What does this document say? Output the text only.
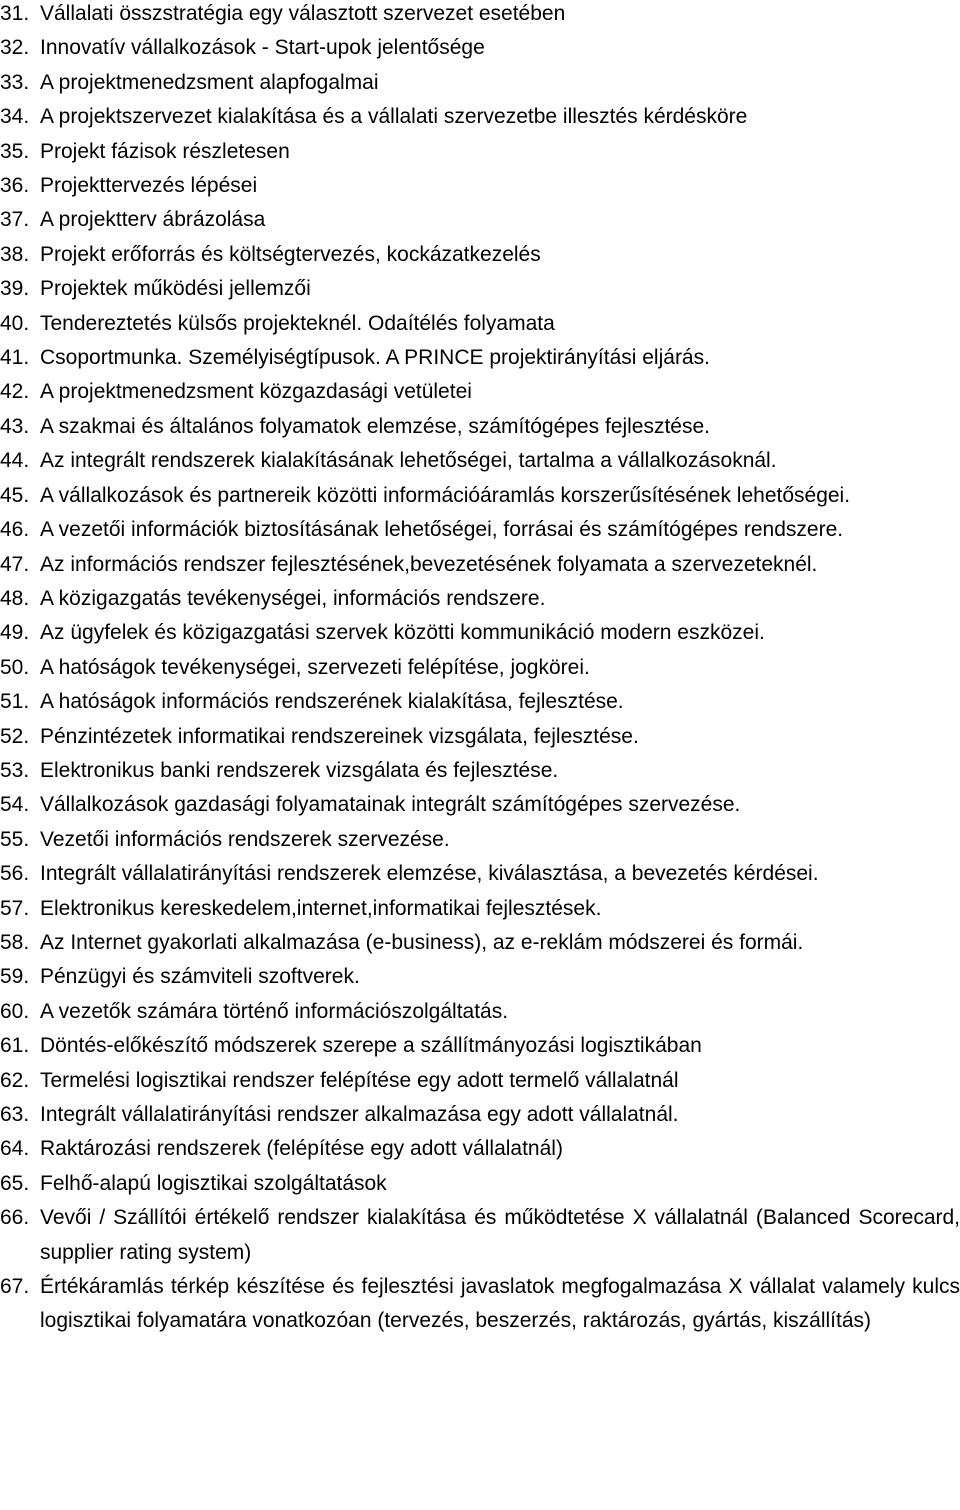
31. Vállalati összstratégia egy választott szervezet esetében
32. Innovatív vállalkozások - Start-upok jelentősége
33. A projektmenedzsment alapfogalmai
34. A projektszervezet kialakítása és a vállalati szervezetbe illesztés kérdésköre
35. Projekt fázisok részletesen
36. Projekttervezés lépései
37. A projektterv ábrázolása
38. Projekt erőforrás és költségtervezés, kockázatkezelés
39. Projektek működési jellemzői
40. Tendereztetés külsős projekteknél. Odaítélés folyamata
41. Csoportmunka. Személyiségtípusok. A PRINCE projektirányítási eljárás.
42. A projektmenedzsment közgazdasági vetületei
43. A szakmai és általános folyamatok elemzése, számítógépes fejlesztése.
44. Az integrált rendszerek kialakításának lehetőségei, tartalma a vállalkozásoknál.
45. A vállalkozások és partnereik közötti információáramlás korszerűsítésének lehetőségei.
46. A vezetői információk biztosításának lehetőségei, forrásai és számítógépes rendszere.
47. Az információs rendszer fejlesztésének,bevezetésének folyamata a szervezeteknél.
48. A közigazgatás tevékenységei, információs rendszere.
49. Az ügyfelek és közigazgatási szervek közötti kommunikáció modern eszközei.
50. A hatóságok tevékenységei, szervezeti felépítése, jogkörei.
51. A hatóságok információs rendszerének kialakítása, fejlesztése.
52. Pénzintézetek informatikai rendszereinek vizsgálata, fejlesztése.
53. Elektronikus banki rendszerek vizsgálata és fejlesztése.
54. Vállalkozások gazdasági folyamatainak integrált számítógépes szervezése.
55. Vezetői információs rendszerek szervezése.
56. Integrált vállalatirányítási rendszerek elemzése, kiválasztása, a bevezetés kérdései.
57. Elektronikus kereskedelem,internet,informatikai fejlesztések.
58. Az Internet gyakorlati alkalmazása (e-business), az e-reklám módszerei és formái.
59. Pénzügyi és számviteli szoftverek.
60. A vezetők számára történő információszolgáltatás.
61. Döntés-előkészítő módszerek szerepe a szállítmányozási logisztikában
62. Termelési logisztikai rendszer felépítése egy adott termelő vállalatnál
63. Integrált vállalatirányítási rendszer alkalmazása egy adott vállalatnál.
64. Raktározási rendszerek (felépítése egy adott vállalatnál)
65. Felhő-alapú logisztikai szolgáltatások
66. Vevői / Szállítói értékelő rendszer kialakítása és működtetése X vállalatnál (Balanced Scorecard, supplier rating system)
67. Értékáramlás térkép készítése és fejlesztési javaslatok megfogalmazása X vállalat valamely kulcs logisztikai folyamatára vonatkozóan (tervezés, beszerzés, raktározás, gyártás, kiszállítás)
